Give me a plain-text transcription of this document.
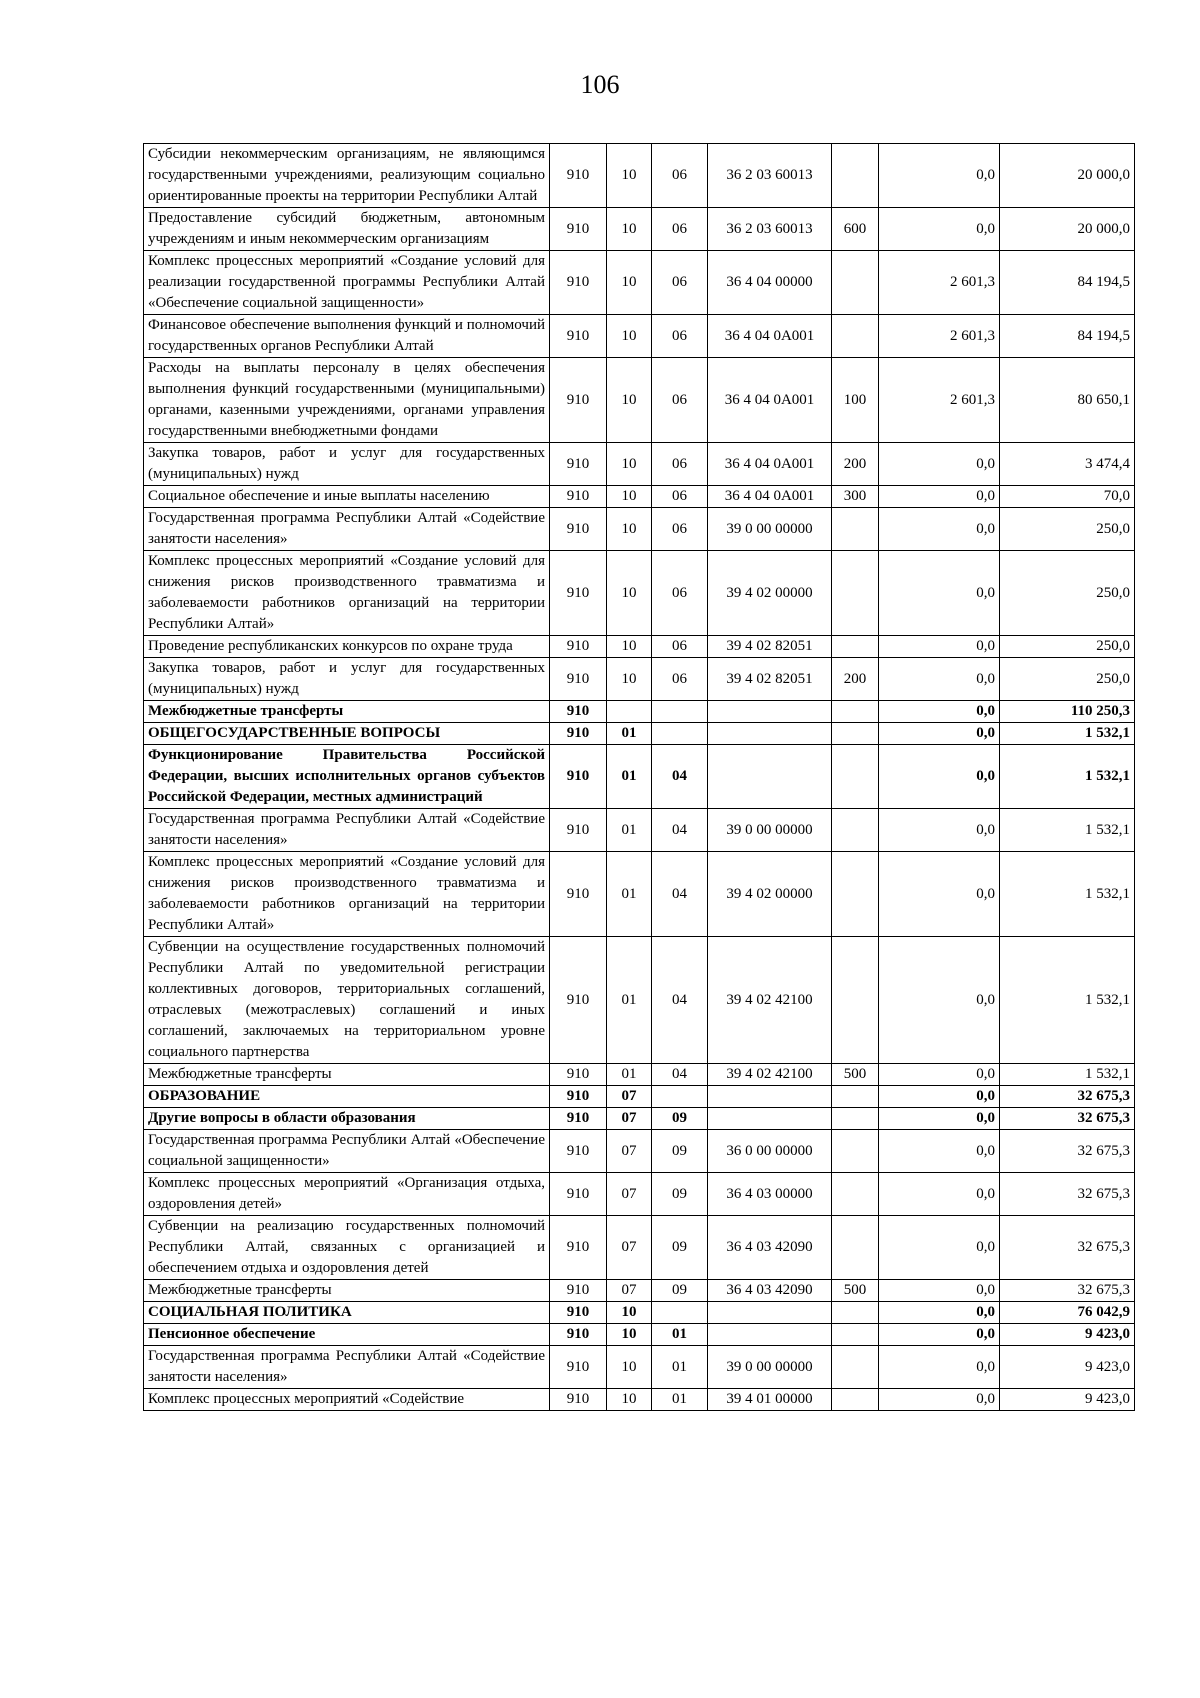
106
Субсидии некоммерческим организациям, не являющимся государственными учреждениями, реализующим социально ориентированные проекты на территории Республики Алтай	910	10	06	36 2 03 60013		0,0	20 000,0
Предоставление субсидий бюджетным, автономным учреждениям и иным некоммерческим организациям	910	10	06	36 2 03 60013	600	0,0	20 000,0
Комплекс процессных мероприятий «Создание условий для реализации государственной программы Республики Алтай «Обеспечение социальной защищенности»	910	10	06	36 4 04 00000		2 601,3	84 194,5
Финансовое обеспечение выполнения функций и полномочий государственных органов Республики Алтай	910	10	06	36 4 04 0А001		2 601,3	84 194,5
Расходы на выплаты персоналу в целях обеспечения выполнения функций государственными (муниципальными) органами, казенными учреждениями, органами управления государственными внебюджетными фондами	910	10	06	36 4 04 0А001	100	2 601,3	80 650,1
Закупка товаров, работ и услуг для государственных (муниципальных) нужд	910	10	06	36 4 04 0А001	200	0,0	3 474,4
Социальное обеспечение и иные выплаты населению	910	10	06	36 4 04 0А001	300	0,0	70,0
Государственная программа Республики Алтай «Содействие занятости населения»	910	10	06	39 0 00 00000		0,0	250,0
Комплекс процессных мероприятий «Создание условий для снижения рисков производственного травматизма и заболеваемости работников организаций на территории Республики Алтай»	910	10	06	39 4 02 00000		0,0	250,0
Проведение республиканских конкурсов по охране труда	910	10	06	39 4 02 82051		0,0	250,0
Закупка товаров, работ и услуг для государственных (муниципальных) нужд	910	10	06	39 4 02 82051	200	0,0	250,0
Межбюджетные трансферты	910					0,0	110 250,3
ОБЩЕГОСУДАРСТВЕННЫЕ ВОПРОСЫ	910	01				0,0	1 532,1
Функционирование Правительства Российской Федерации, высших исполнительных органов субъектов Российской Федерации, местных администраций	910	01	04			0,0	1 532,1
Государственная программа Республики Алтай «Содействие занятости населения»	910	01	04	39 0 00 00000		0,0	1 532,1
Комплекс процессных мероприятий «Создание условий для снижения рисков производственного травматизма и заболеваемости работников организаций на территории Республики Алтай»	910	01	04	39 4 02 00000		0,0	1 532,1
Субвенции на осуществление государственных полномочий Республики Алтай по уведомительной регистрации коллективных договоров, территориальных соглашений, отраслевых (межотраслевых) соглашений и иных соглашений, заключаемых на территориальном уровне социального партнерства	910	01	04	39 4 02 42100		0,0	1 532,1
Межбюджетные трансферты	910	01	04	39 4 02 42100	500	0,0	1 532,1
ОБРАЗОВАНИЕ	910	07				0,0	32 675,3
Другие вопросы в области образования	910	07	09			0,0	32 675,3
Государственная программа Республики Алтай «Обеспечение социальной защищенности»	910	07	09	36 0 00 00000		0,0	32 675,3
Комплекс процессных мероприятий «Организация отдыха, оздоровления детей»	910	07	09	36 4 03 00000		0,0	32 675,3
Субвенции на реализацию государственных полномочий Республики Алтай, связанных с организацией и обеспечением отдыха и оздоровления детей	910	07	09	36 4 03 42090		0,0	32 675,3
Межбюджетные трансферты	910	07	09	36 4 03 42090	500	0,0	32 675,3
СОЦИАЛЬНАЯ ПОЛИТИКА	910	10				0,0	76 042,9
Пенсионное обеспечение	910	10	01			0,0	9 423,0
Государственная программа Республики Алтай «Содействие занятости населения»	910	10	01	39 0 00 00000		0,0	9 423,0
Комплекс процессных мероприятий «Содействие	910	10	01	39 4 01 00000		0,0	9 423,0
